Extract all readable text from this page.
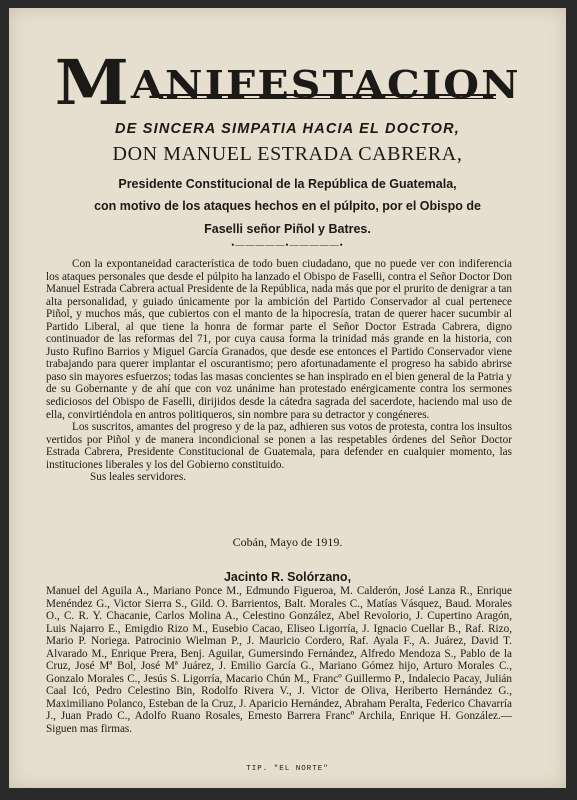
MANIFESTACION
DE SINCERA SIMPATIA HACIA EL DOCTOR,
DON MANUEL ESTRADA CABRERA,
Presidente Constitucional de la República de Guatemala,
con motivo de los ataques hechos en el púlpito, por el Obispo de
Faselli señor Piñol y Batres.
•—————•—————•

Con la expontaneidad característica de todo buen ciudadano, que no puede ver con indiferencia los ataques personales que desde el púlpito ha lanzado el Obispo de Faselli, contra el Señor Doctor Don Manuel Estrada Cabrera actual Presidente de la República, nada más que por el prurito de denigrar a tan alta personalidad, y guiado únicamente por la ambición del Partido Conservador al cual pertenece Piñol, y muchos más, que cubiertos con el manto de la hipocresía, tratan de querer hacer sucumbir al Partido Liberal, al que tiene la honra de formar parte el Señor Doctor Estrada Cabrera, digno continuador de las reformas del 71, por cuya causa forma la trinidad más grande en la historia, con Justo Rufino Barrios y Miguel García Granados, que desde ese entonces el Partido Conservador viene trabajando para querer implantar el oscurantismo; pero afortunadamente el progreso ha sabido abrirse paso sin mayores esfuerzos; todas las masas concientes se han inspirado en el bien general de la Patria y de su Gobernante y de ahí que con voz unánime han protestado enérgicamente contra los sermones sediciosos del Obispo de Faselli, dirijidos desde la cátedra sagrada del sacerdote, haciendo mal uso de ella, convirtiéndola en antros politiqueros, sin nombre para su detractor y congéneres.

Los suscritos, amantes del progreso y de la paz, adhieren sus votos de protesta, contra los insultos vertidos por Piñol y de manera incondicional se ponen a las respetables órdenes del Señor Doctor Estrada Cabrera, Presidente Constitucional de Guatemala, para defender en cualquier momento, las instituciones liberales y los del Gobierno constituido.

Sus leales servidores.

Cobán, Mayo de 1919.
Jacinto R. Solórzano,
Manuel del Aguila A., Mariano Ponce M., Edmundo Figueroa, M. Calderón, José Lanza R., Enrique Menéndez G., Victor Sierra S., Gild. O. Barrientos, Balt. Morales C., Matías Vásquez, Baud. Morales O., C. R. Y. Chacanie, Carlos Molina A., Celestino González, Abel Revolorio, J. Cupertino Aragón, Luis Najarro E., Emigdio Rizo M., Eusebio Cacao, Eliseo Ligorría, J. Ignacio Cuellar B., Raf. Rizo, Mario P. Noriega. Patrocinio Wielman P., J. Mauricio Cordero, Raf. Ayala F., A. Juárez, David T. Alvarado M., Enrique Prera, Benj. Aguilar, Gumersindo Fernández, Alfredo Mendoza S., Pablo de la Cruz, José Mª Bol, José Mª Juárez, J. Emilio García G., Mariano Gómez hijo, Arturo Morales C., Gonzalo Morales C., Jesús S. Ligorría, Macario Chún M., Francº Guillermo P., Indalecio Pacay, Julián Caal Icó, Pedro Celestino Bin, Rodolfo Rivera V., J. Victor de Oliva, Heriberto Hernández G., Maximiliano Polanco, Esteban de la Cruz, J. Aparicio Hernández, Abraham Peralta, Federico Chavarría J., Juan Prado C., Adolfo Ruano Rosales, Ernesto Barrera Francº Archila, Enrique H. González.— Siguen mas firmas.
TIP. "EL NORTE"
